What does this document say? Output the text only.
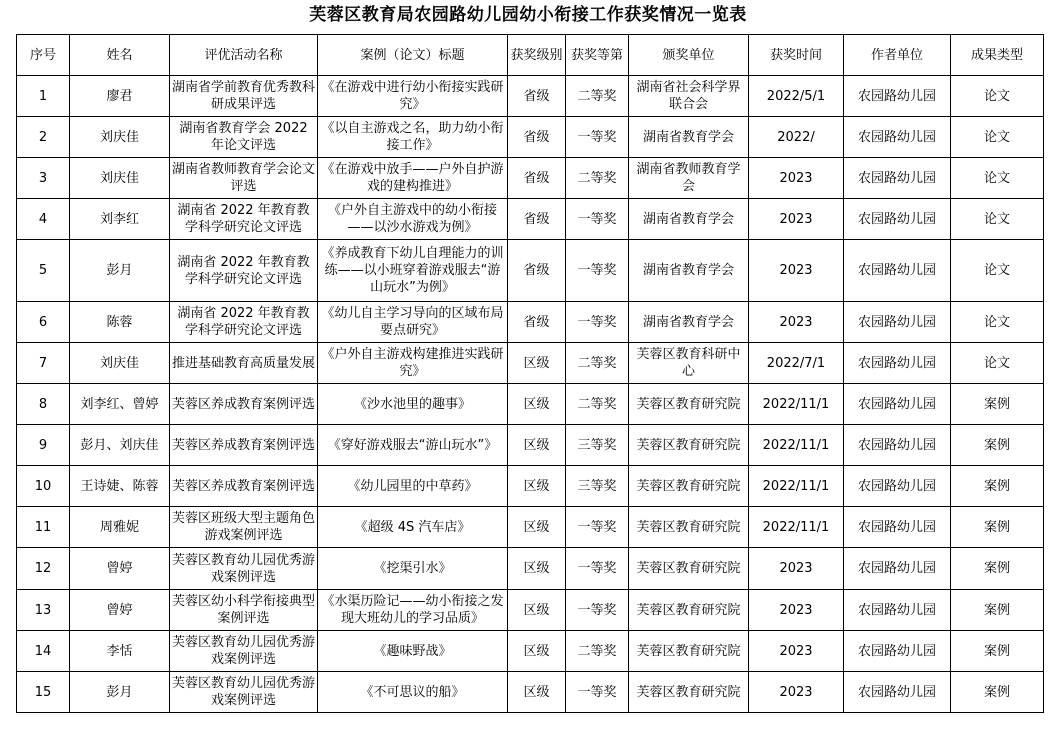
芙蓉区教育局农园路幼儿园幼小衔接工作获奖情况一览表
序号	姓名	评优活动名称	案例（论文）标题	获奖级别	获奖等第	颁奖单位	获奖时间	作者单位	成果类型
1	廖君	湖南省学前教育优秀教科研成果评选	《在游戏中进行幼小衔接实践研究》	省级	二等奖	湖南省社会科学界联合会	2022/5/1	农园路幼儿园	论文
2	刘庆佳	湖南省教育学会 2022 年论文评选	《以自主游戏之名，助力幼小衔接工作》	省级	一等奖	湖南省教育学会	2022/	农园路幼儿园	论文
3	刘庆佳	湖南省教师教育学会论文评选	《在游戏中放手——户外自护游戏的建构推进》	省级	二等奖	湖南省教师教育学会	2023	农园路幼儿园	论文
4	刘李红	湖南省 2022 年教育教学科学研究论文评选	《户外自主游戏中的幼小衔接——以沙水游戏为例》	省级	一等奖	湖南省教育学会	2023	农园路幼儿园	论文
5	彭月	湖南省 2022 年教育教学科学研究论文评选	《养成教育下幼儿自理能力的训练——以小班穿着游戏服去“游山玩水”为例》	省级	一等奖	湖南省教育学会	2023	农园路幼儿园	论文
6	陈蓉	湖南省 2022 年教育教学科学研究论文评选	《幼儿自主学习导向的区域布局要点研究》	省级	一等奖	湖南省教育学会	2023	农园路幼儿园	论文
7	刘庆佳	推进基础教育高质量发展	《户外自主游戏构建推进实践研究》	区级	二等奖	芙蓉区教育科研中心	2022/7/1	农园路幼儿园	论文
8	刘李红、曾婷	芙蓉区养成教育案例评选	《沙水池里的趣事》	区级	二等奖	芙蓉区教育研究院	2022/11/1	农园路幼儿园	案例
9	彭月、刘庆佳	芙蓉区养成教育案例评选	《穿好游戏服去“游山玩水”》	区级	三等奖	芙蓉区教育研究院	2022/11/1	农园路幼儿园	案例
10	王诗婕、陈蓉	芙蓉区养成教育案例评选	《幼儿园里的中草药》	区级	三等奖	芙蓉区教育研究院	2022/11/1	农园路幼儿园	案例
11	周雅妮	芙蓉区班级大型主题角色游戏案例评选	《超级 4S 汽车店》	区级	一等奖	芙蓉区教育研究院	2022/11/1	农园路幼儿园	案例
12	曾婷	芙蓉区教育幼儿园优秀游戏案例评选	《挖渠引水》	区级	一等奖	芙蓉区教育研究院	2023	农园路幼儿园	案例
13	曾婷	芙蓉区幼小科学衔接典型案例评选	《水渠历险记——幼小衔接之发现大班幼儿的学习品质》	区级	一等奖	芙蓉区教育研究院	2023	农园路幼儿园	案例
14	李恬	芙蓉区教育幼儿园优秀游戏案例评选	《趣味野战》	区级	二等奖	芙蓉区教育研究院	2023	农园路幼儿园	案例
15	彭月	芙蓉区教育幼儿园优秀游戏案例评选	《不可思议的船》	区级	一等奖	芙蓉区教育研究院	2023	农园路幼儿园	案例
